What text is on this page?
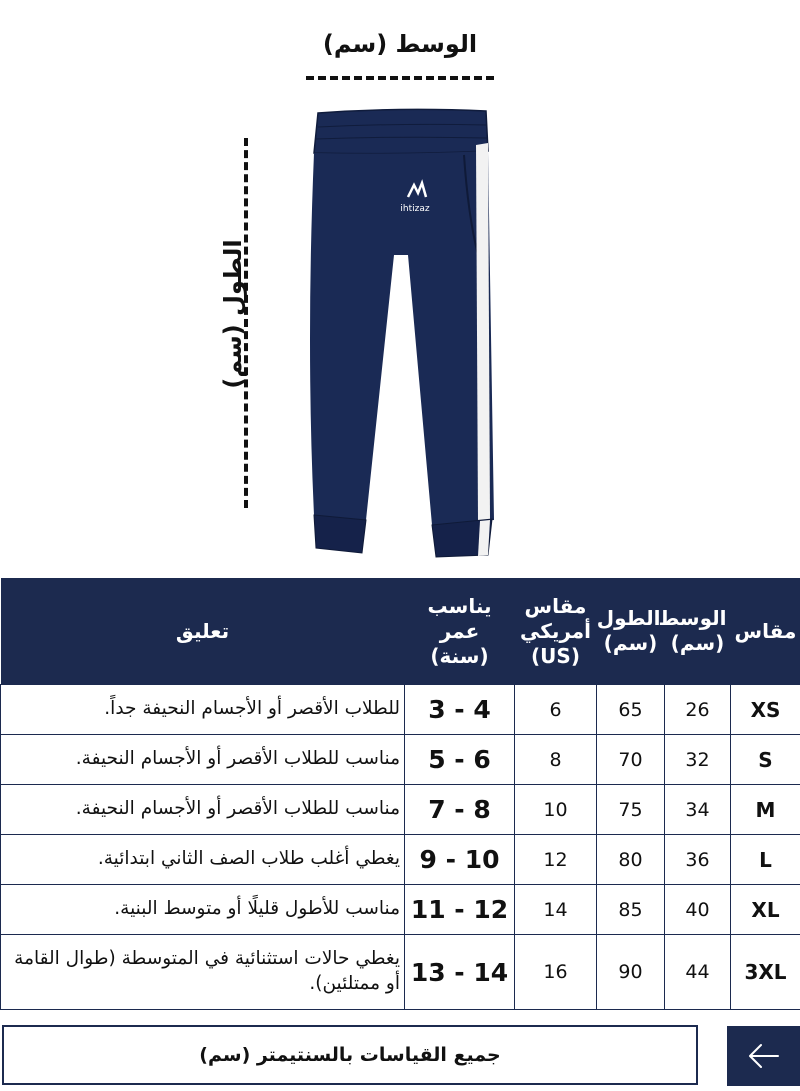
الوسط (سم)
الطول (سم)
ihtizaz
مقاس	الوسط (سم)	الطول (سم)	مقاس أمريكي (US)	يناسب عمر (سنة)	تعليق
XS	26	65	6	3 - 4	للطلاب الأقصر أو الأجسام النحيفة جداً.
S	32	70	8	5 - 6	مناسب للطلاب الأقصر أو الأجسام النحيفة.
M	34	75	10	7 - 8	مناسب للطلاب الأقصر أو الأجسام النحيفة.
L	36	80	12	9 - 10	يغطي أغلب طلاب الصف الثاني ابتدائية.
XL	40	85	14	11 - 12	مناسب للأطول قليلًا أو متوسط البنية.
3XL	44	90	16	13 - 14	يغطي حالات استثنائية في المتوسطة (طوال القامة أو ممتلئين).
جميع القياسات بالسنتيمتر (سم)
